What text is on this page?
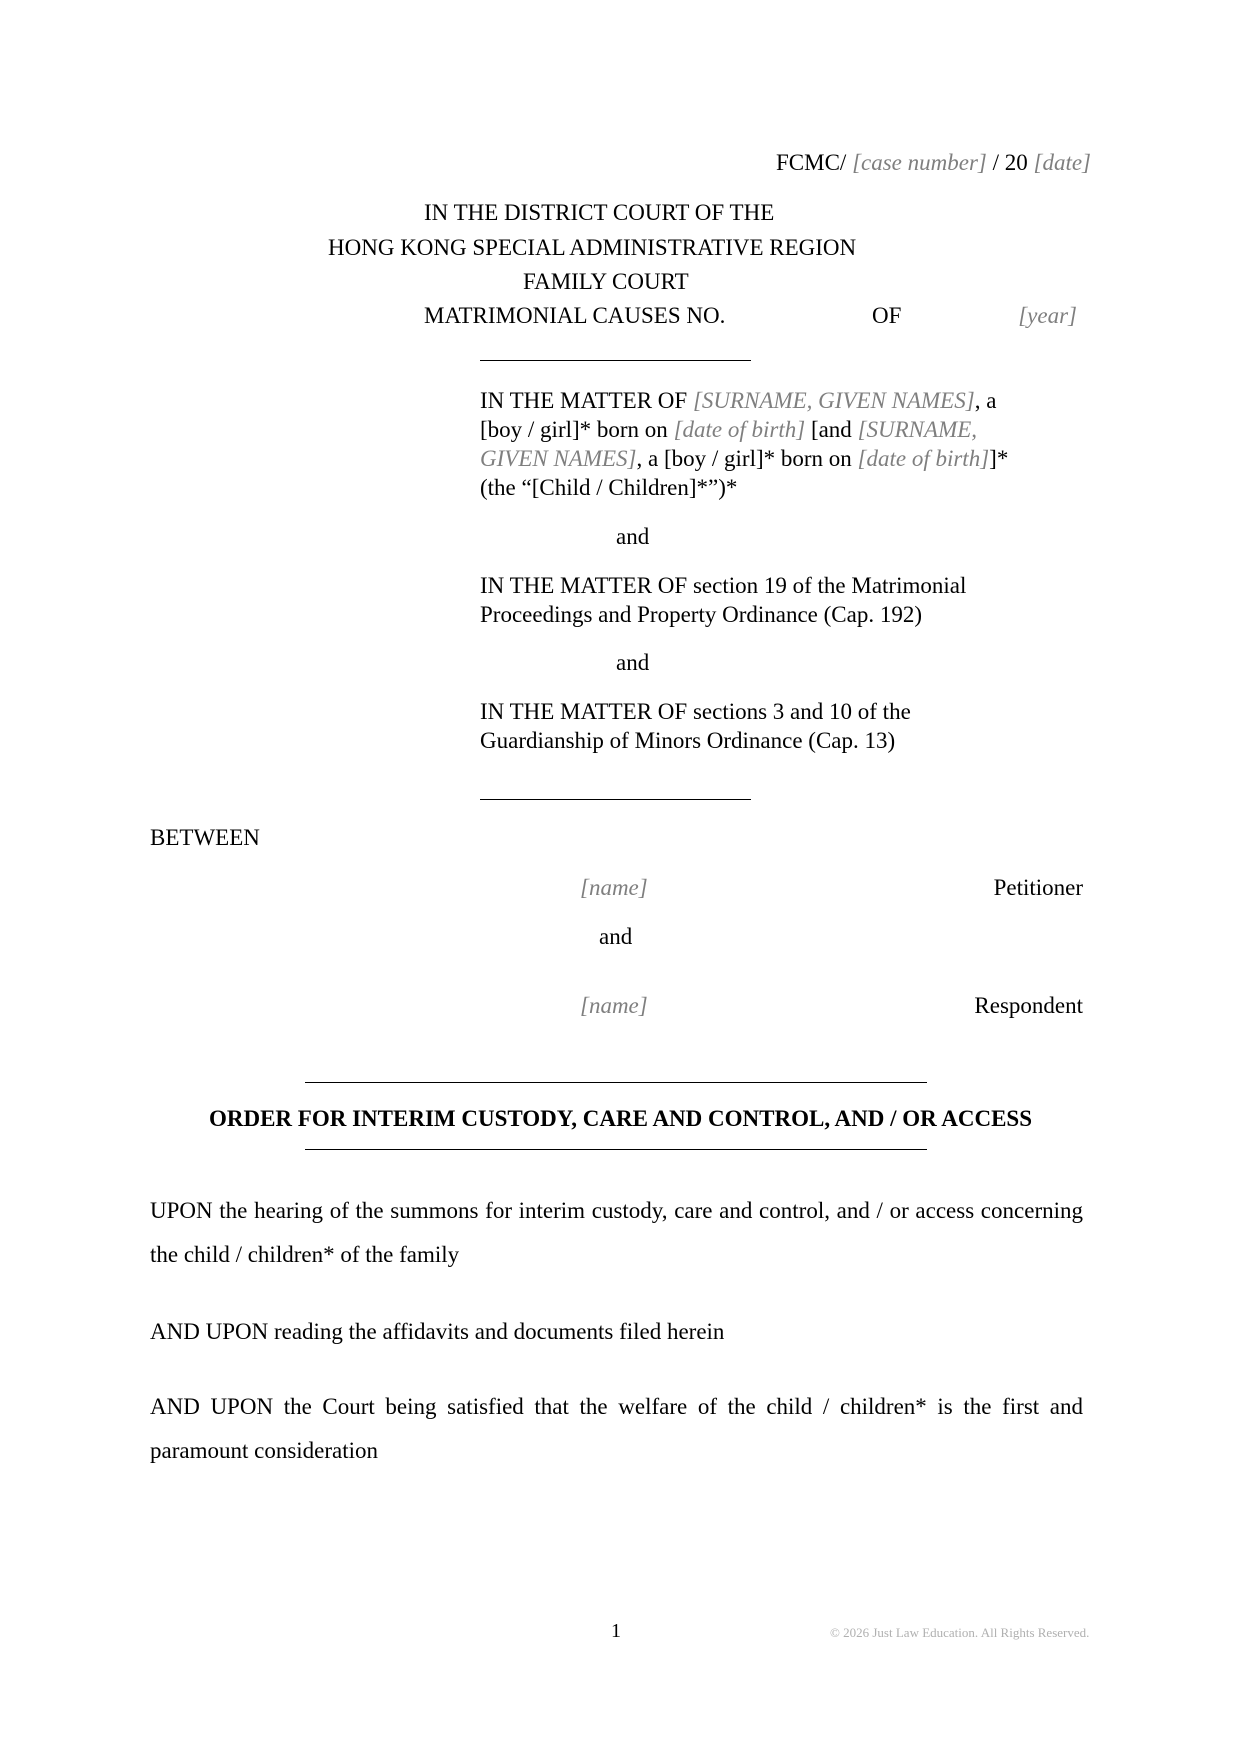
FCMC/ [case number] / 20 [date]
IN THE DISTRICT COURT OF THE
HONG KONG SPECIAL ADMINISTRATIVE REGION
FAMILY COURT
MATRIMONIAL CAUSES NO.	OF	[year]
IN THE MATTER OF [SURNAME, GIVEN NAMES], a
[boy / girl]* born on [date of birth] [and [SURNAME,
GIVEN NAMES], a [boy / girl]* born on [date of birth]]*
(the “[Child / Children]*”)*
and
IN THE MATTER OF section 19 of the Matrimonial
Proceedings and Property Ordinance (Cap. 192)
and
IN THE MATTER OF sections 3 and 10 of the
Guardianship of Minors Ordinance (Cap. 13)
BETWEEN
[name]	Petitioner
and
[name]	Respondent
ORDER FOR INTERIM CUSTODY, CARE AND CONTROL, AND / OR ACCESS
UPON the hearing of the summons for interim custody, care and control, and / or access concerning the child / children* of the family
AND UPON reading the affidavits and documents filed herein
AND UPON the Court being satisfied that the welfare of the child / children* is the first and paramount consideration
1	© 2026 Just Law Education. All Rights Reserved.
